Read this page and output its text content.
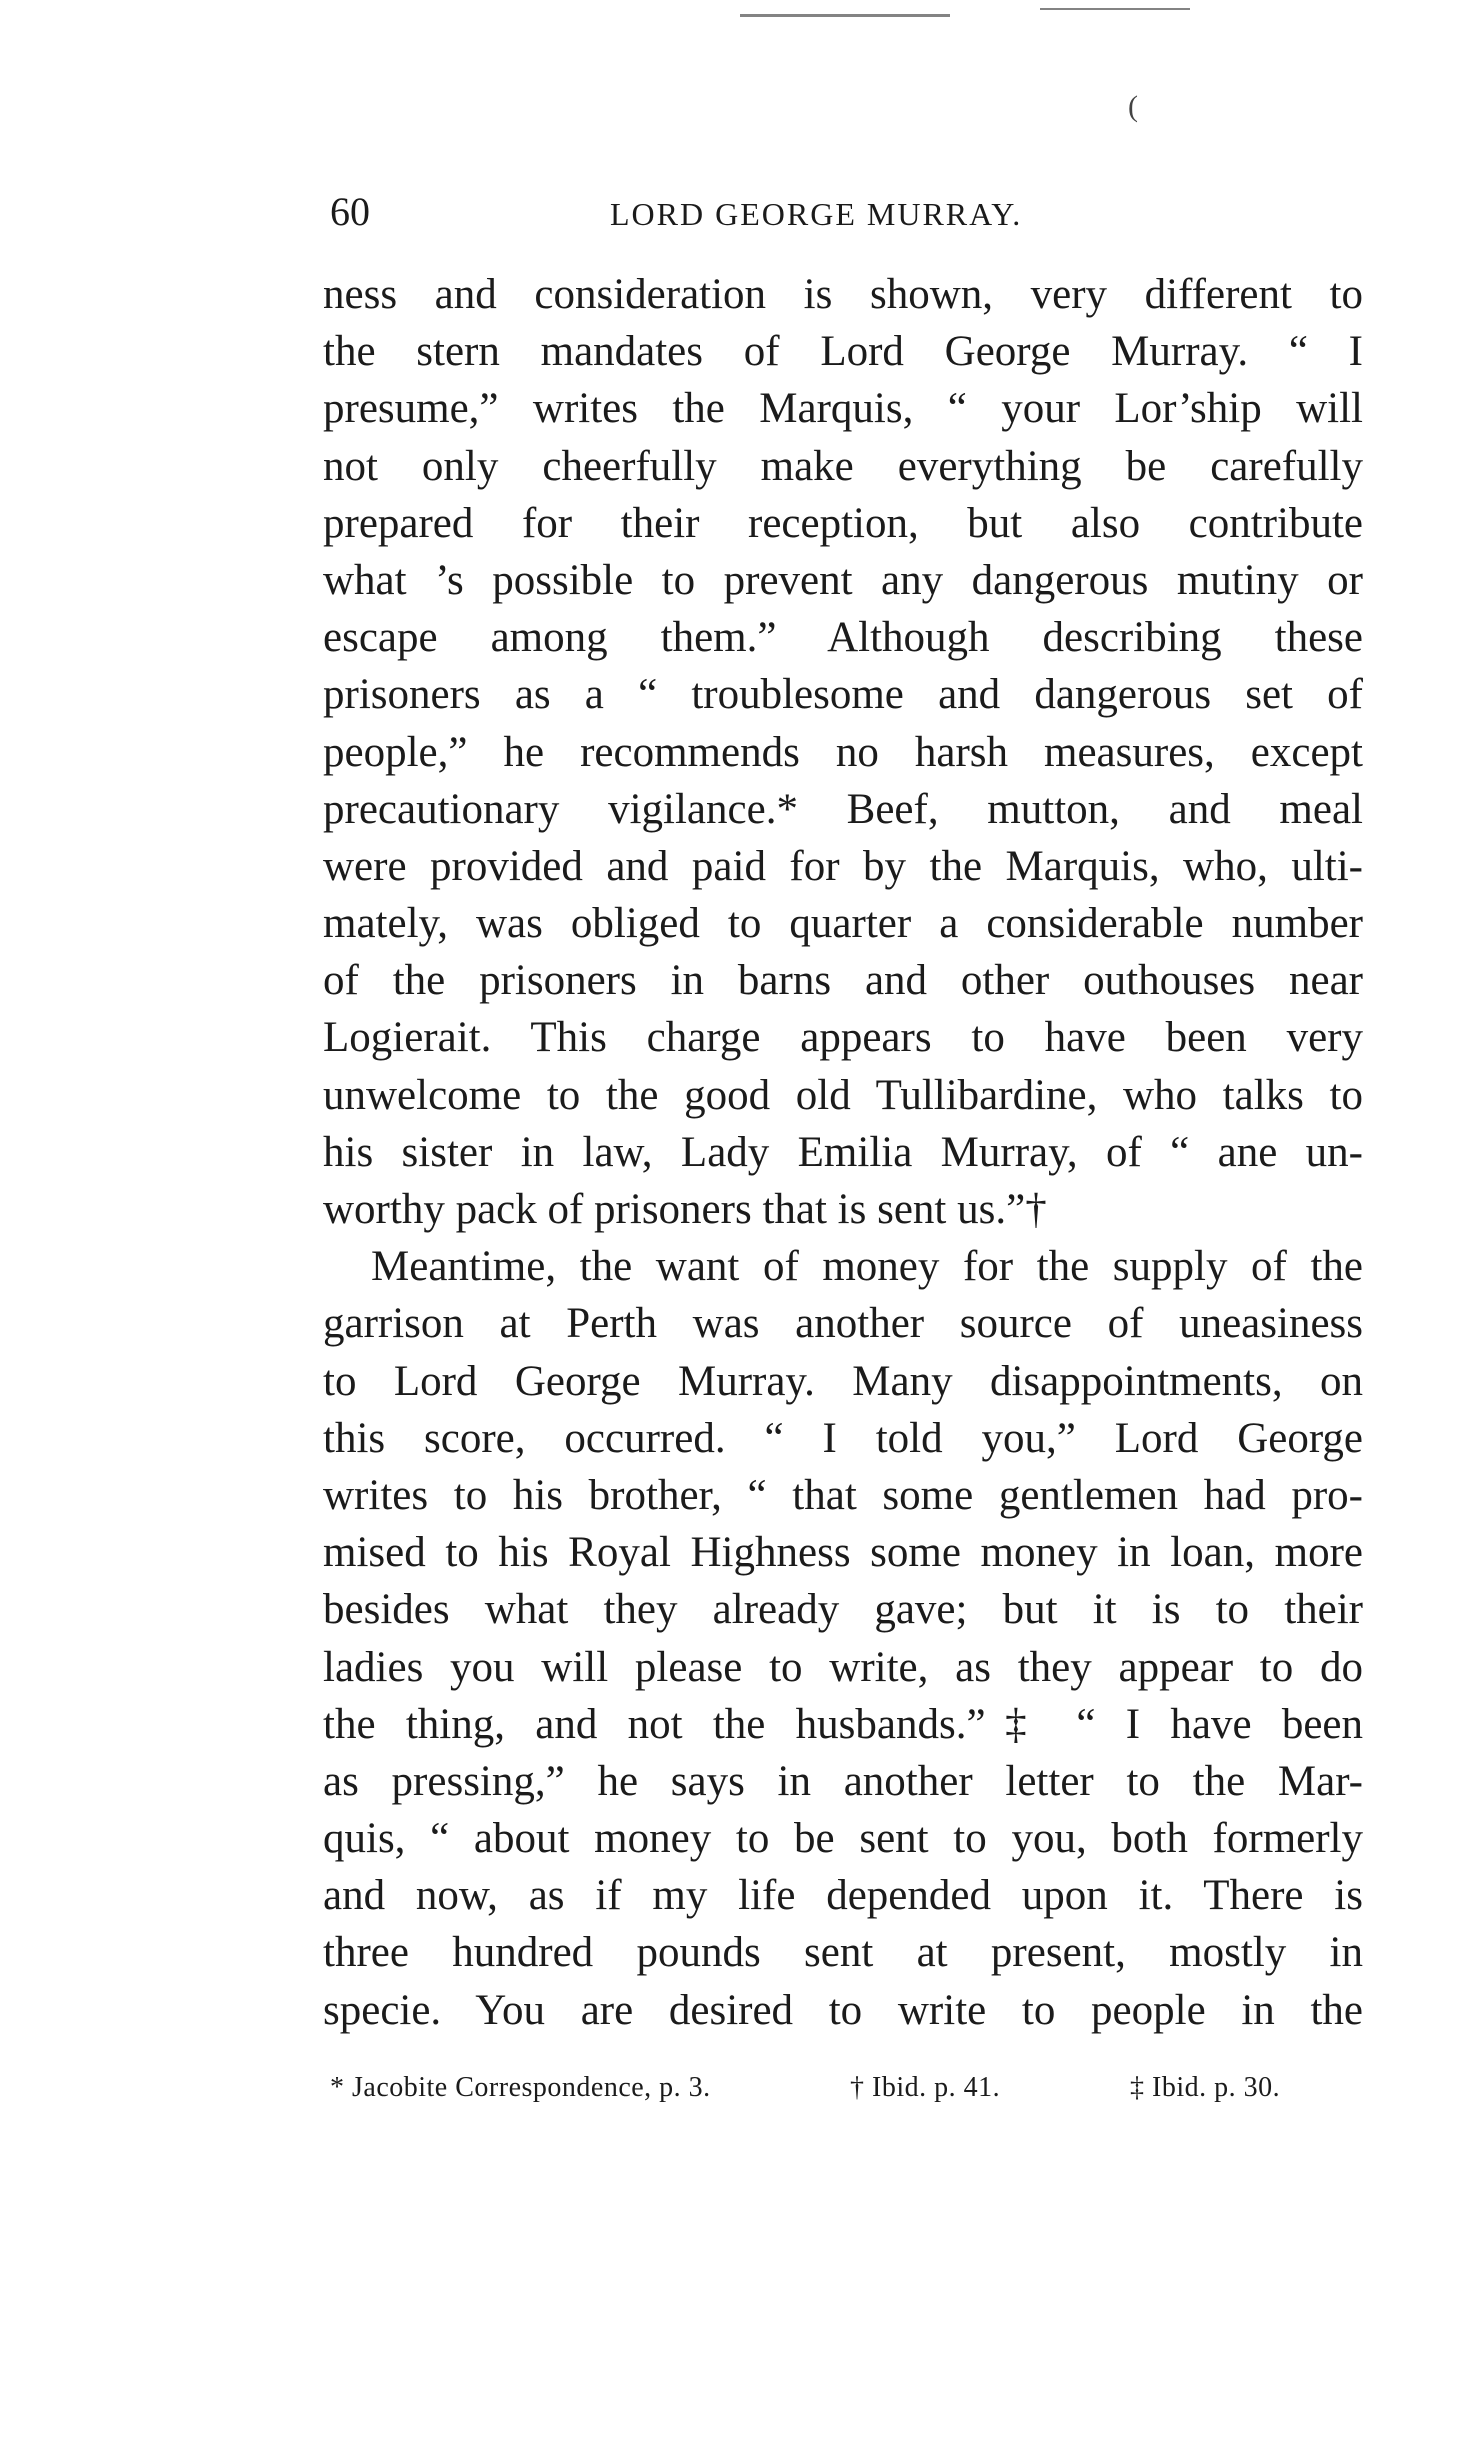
(
60	LORD GEORGE MURRAY.
ness and consideration is shown, very different to
the stern mandates of Lord George Murray. “ I
presume,” writes the Marquis, “ your Lor’ship will
not only cheerfully make everything be carefully
prepared for their reception, but also contribute
what ’s possible to prevent any dangerous mutiny or
escape among them.” Although describing these
prisoners as a “ troublesome and dangerous set of
people,” he recommends no harsh measures, except
precautionary vigilance.* Beef, mutton, and meal
were provided and paid for by the Marquis, who, ulti-
mately, was obliged to quarter a considerable number
of the prisoners in barns and other outhouses near
Logierait. This charge appears to have been very
unwelcome to the good old Tullibardine, who talks to
his sister in law, Lady Emilia Murray, of “ ane un-
worthy pack of prisoners that is sent us.”†
Meantime, the want of money for the supply of the
garrison at Perth was another source of uneasiness
to Lord George Murray. Many disappointments, on
this score, occurred. “ I told you,” Lord George
writes to his brother, “ that some gentlemen had pro-
mised to his Royal Highness some money in loan, more
besides what they already gave; but it is to their
ladies you will please to write, as they appear to do
the thing, and not the husbands.”‡ “ I have been
as pressing,” he says in another letter to the Mar-
quis, “ about money to be sent to you, both formerly
and now, as if my life depended upon it. There is
three hundred pounds sent at present, mostly in
specie. You are desired to write to people in the
* Jacobite Correspondence, p. 3.	† Ibid. p. 41.	‡ Ibid. p. 30.
